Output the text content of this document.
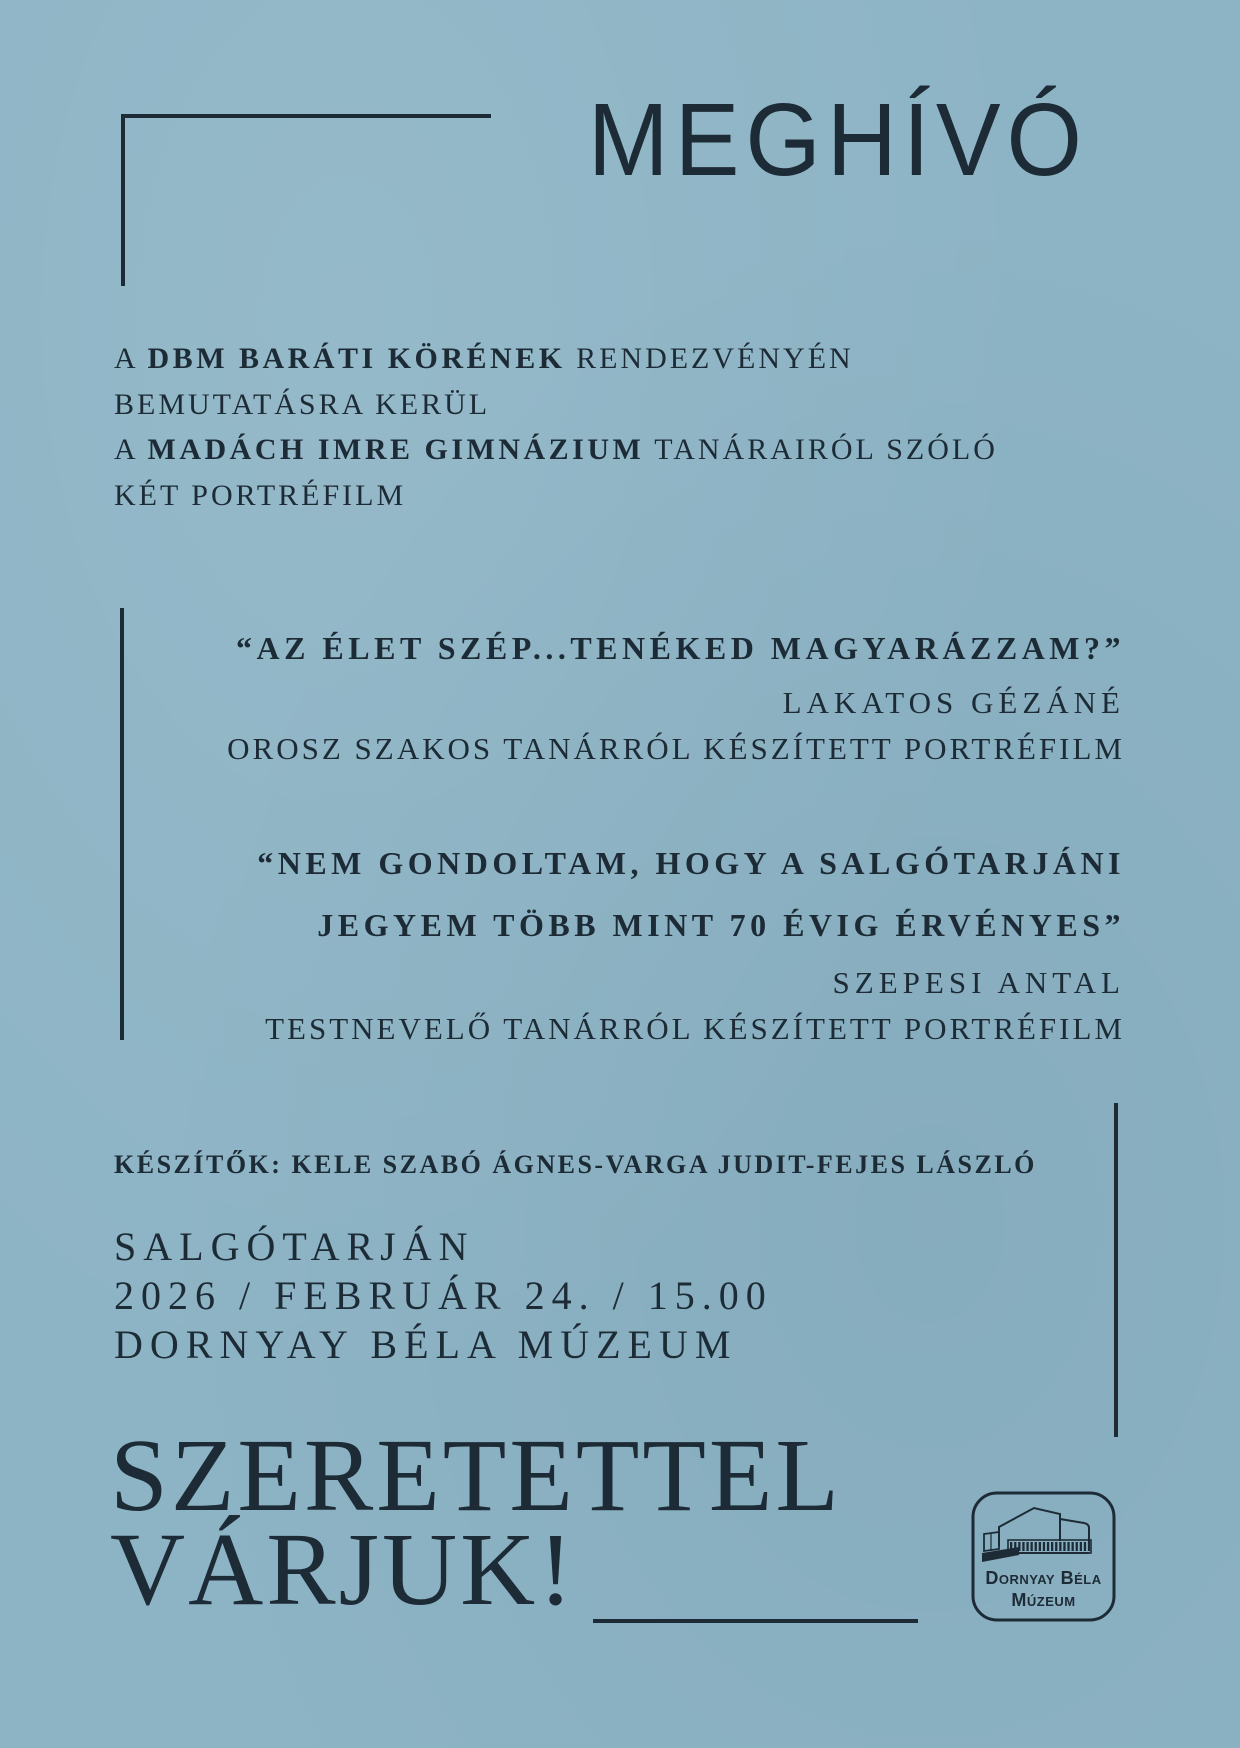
MEGHÍVÓ

A DBM BARÁTI KÖRÉNEK RENDEZVÉNYÉN

BEMUTATÁSRA KERÜL

A MADÁCH IMRE GIMNÁZIUM TANÁRAIRÓL SZÓLÓ

KÉT PORTRÉFILM

“AZ ÉLET SZÉP...TENÉKED MAGYARÁZZAM?”

LAKATOS GÉZÁNÉ

OROSZ SZAKOS TANÁRRÓL KÉSZÍTETT PORTRÉFILM

“NEM GONDOLTAM, HOGY A SALGÓTARJÁNI
JEGYEM TÖBB MINT 70 ÉVIG ÉRVÉNYES”

SZEPESI ANTAL

TESTNEVELŐ TANÁRRÓL KÉSZÍTETT PORTRÉFILM

KÉSZÍTŐK: KELE SZABÓ ÁGNES-VARGA JUDIT-FEJES LÁSZLÓ

SALGÓTARJÁN

2026 / FEBRUÁR 24. / 15.00

DORNYAY BÉLA MÚZEUM

SZERETETTEL

VÁRJUK!	Dornyay Béla
Múzeum
